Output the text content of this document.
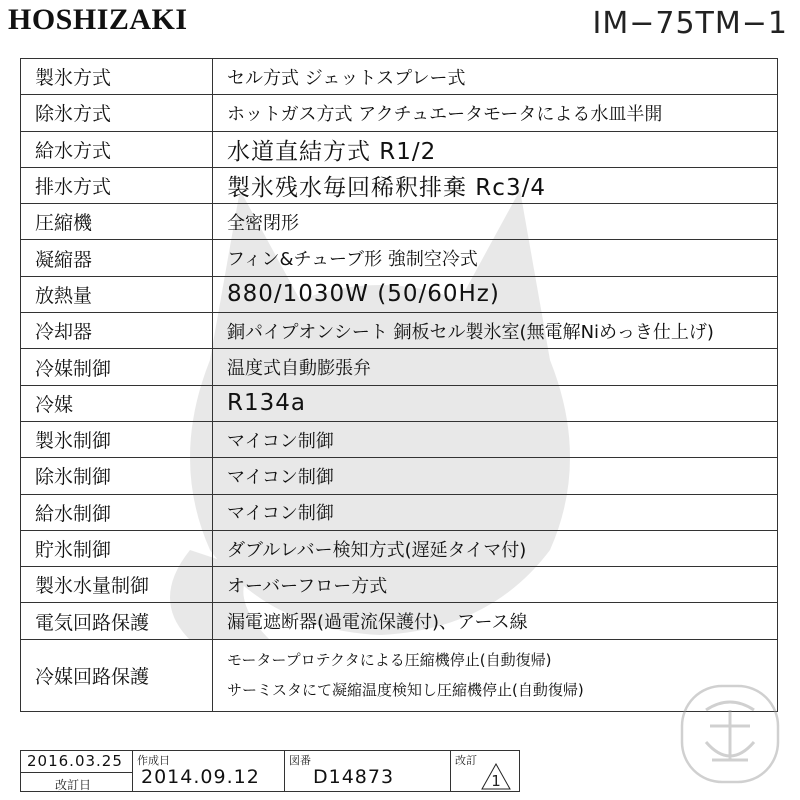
HOSHIZAKI	IM−75TM−1
製氷方式	セル方式 ジェットスプレー式
除氷方式	ホットガス方式 アクチュエータモータによる水皿半開
給水方式	水道直結方式 R1/2
排水方式	製氷残水毎回稀釈排棄 Rc3/4
圧縮機	全密閉形
凝縮器	フィン&チューブ形 強制空冷式
放熱量	880/1030W (50/60Hz)
冷却器	銅パイプオンシート 銅板セル製氷室(無電解Niめっき仕上げ)
冷媒制御	温度式自動膨張弁
冷媒	R134a
製氷制御	マイコン制御
除氷制御	マイコン制御
給水制御	マイコン制御
貯氷制御	ダブルレバー検知方式(遅延タイマ付)
製氷水量制御	オーバーフロー方式
電気回路保護	漏電遮断器(過電流保護付)、アース線
冷媒回路保護	モータープロテクタによる圧縮機停止(自動復帰)
サーミスタにて凝縮温度検知し圧縮機停止(自動復帰)
2016.03.25
改訂日
作成日
2014.09.12
図番
D14873
改訂
1
